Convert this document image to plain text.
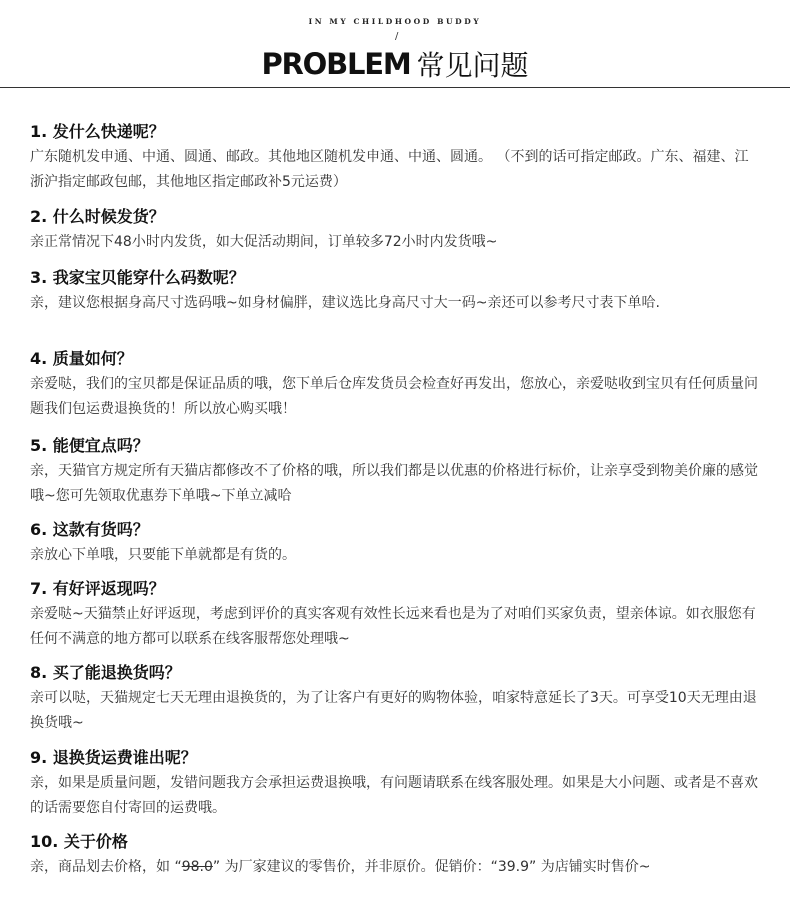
IN MY CHILDHOOD BUDDY
/
PROBLEM 常见问题
1. 发什么快递呢？
广东随机发申通、中通、圆通、邮政。其他地区随机发申通、中通、圆通。 （不到的话可指定邮政。广东、福建、江浙沪指定邮政包邮，其他地区指定邮政补5元运费）
2. 什么时候发货？
亲正常情况下48小时内发货，如大促活动期间，订单较多72小时内发货哦~
3. 我家宝贝能穿什么码数呢？
亲，建议您根据身高尺寸选码哦~如身材偏胖，建议选比身高尺寸大一码~亲还可以参考尺寸表下单哈.
4. 质量如何？
亲爱哒，我们的宝贝都是保证品质的哦，您下单后仓库发货员会检查好再发出，您放心，亲爱哒收到宝贝有任何质量问题我们包运费退换货的！所以放心购买哦！
5. 能便宜点吗？
亲，天猫官方规定所有天猫店都修改不了价格的哦，所以我们都是以优惠的价格进行标价，让亲享受到物美价廉的感觉哦~您可先领取优惠券下单哦~下单立减哈
6. 这款有货吗？
亲放心下单哦，只要能下单就都是有货的。
7. 有好评返现吗？
亲爱哒~天猫禁止好评返现，考虑到评价的真实客观有效性长远来看也是为了对咱们买家负责，望亲体谅。如衣服您有任何不满意的地方都可以联系在线客服帮您处理哦~
8. 买了能退换货吗？
亲可以哒，天猫规定七天无理由退换货的，为了让客户有更好的购物体验，咱家特意延长了3天。可享受10天无理由退换货哦~
9. 退换货运费谁出呢？
亲，如果是质量问题，发错问题我方会承担运费退换哦，有问题请联系在线客服处理。如果是大小问题、或者是不喜欢的话需要您自付寄回的运费哦。
10. 关于价格
亲，商品划去价格，如 “98.0” 为厂家建议的零售价，并非原价。促销价：“39.9” 为店铺实时售价~
